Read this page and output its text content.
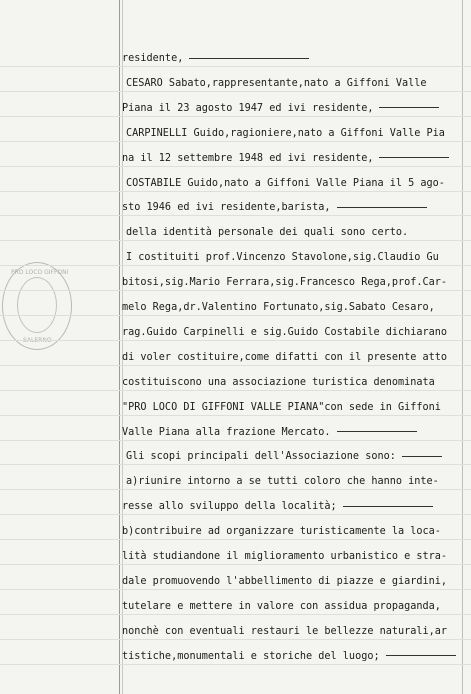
PRO LOCO GIFFONI
residente,
CESARO Sabato,rappresentante,nato a Giffoni Valle
Piana il 23 agosto 1947 ed ivi residente,
CARPINELLI Guido,ragioniere,nato a Giffoni Valle Pia
na il 12 settembre 1948 ed ivi residente,
COSTABILE Guido,nato a Giffoni Valle Piana il 5 ago-
sto 1946 ed ivi residente,barista,
della identità personale dei quali sono certo.
I costituiti prof.Vincenzo Stavolone,sig.Claudio Gu
bitosi,sig.Mario Ferrara,sig.Francesco Rega,prof.Car-
melo Rega,dr.Valentino Fortunato,sig.Sabato Cesaro,
rag.Guido Carpinelli e sig.Guido Costabile dichiarano
di voler costituire,come difatti con il presente atto
costituiscono una associazione turistica denominata
"PRO LOCO DI GIFFONI VALLE PIANA"con sede in Giffoni
Valle Piana alla frazione Mercato.
Gli scopi principali dell'Associazione sono:
a)riunire intorno a se tutti coloro che hanno inte-
resse allo sviluppo della località;
b)contribuire ad organizzare turisticamente la loca-
lità studiandone il miglioramento urbanistico e stra-
dale promuovendo l'abbellimento di piazze e giardini,
tutelare e mettere in valore con assidua propaganda,
nonchè con eventuali restauri le bellezze naturali,ar
tistiche,monumentali e storiche del luogo;
